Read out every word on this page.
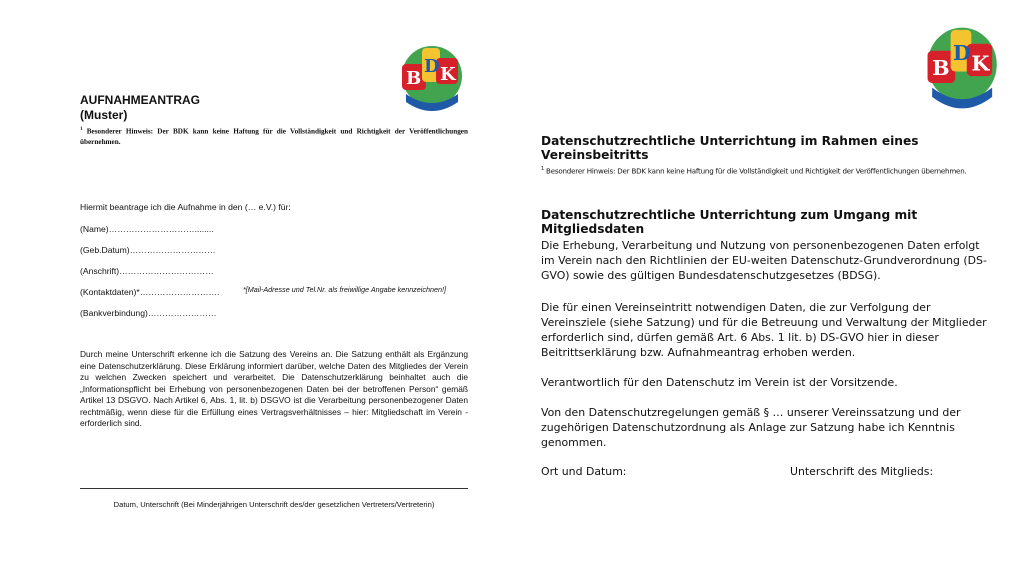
B
D K
AUFNAHMEANTRAG
(Muster)
$^1$ Besonderer Hinweis: Der BDK kann keine Haftung für die Vollständigkeit und Richtigkeit der Veröffentlichungen übernehmen.
Hiermit beantrage ich die Aufnahme in den (… e.V.) für:
(Name)…………………………........
(Geb.Datum)…………………………
(Anschrift)……………………………
(Kontaktdaten)*……………………….	*[Mail-Adresse und Tel.Nr. als freiwillige Angabe kennzeichnen!]
(Bankverbindung)……………………
Durch meine Unterschrift erkenne ich die Satzung des Vereins an. Die Satzung enthält als Ergänzung eine Datenschutzerklärung. Diese Erklärung informiert darüber, welche Daten des Mitgliedes der Verein zu welchen Zwecken speichert und verarbeitet. Die Datenschutzerklärung beinhaltet auch die „Informationspflicht bei Erhebung von personenbezogenen Daten bei der betroffenen Person“ gemäß Artikel 13 DSGVO. Nach Artikel 6, Abs. 1, lit. b) DSGVO ist die Verarbeitung personenbezogener Daten rechtmäßig, wenn diese für die Erfüllung eines Vertragsverhältnisses – hier: Mitgliedschaft im Verein - erforderlich sind.
Datum, Unterschrift (Bei Minderjährigen Unterschrift des/der gesetzlichen Vertreters/Vertreterin)
B
D K
Datenschutzrechtliche Unterrichtung im Rahmen eines Vereinsbeitritts
$^1$ Besonderer Hinweis: Der BDK kann keine Haftung für die Vollständigkeit und Richtigkeit der Veröffentlichungen übernehmen.
Datenschutzrechtliche Unterrichtung zum Umgang mit Mitgliedsdaten
Die Erhebung, Verarbeitung und Nutzung von personenbezogenen Daten erfolgt im Verein nach den Richtlinien der EU-weiten Datenschutz-Grundverordnung (DS-GVO) sowie des gültigen Bundesdatenschutzgesetzes (BDSG).
Die für einen Vereinseintritt notwendigen Daten, die zur Verfolgung der Vereinsziele (siehe Satzung) und für die Betreuung und Verwaltung der Mitglieder erforderlich sind, dürfen gemäß Art. 6 Abs. 1 lit. b) DS-GVO hier in dieser Beitrittserklärung bzw. Aufnahmeantrag erhoben werden.
Verantwortlich für den Datenschutz im Verein ist der Vorsitzende.
Von den Datenschutzregelungen gemäß § … unserer Vereinssatzung und der zugehörigen Datenschutzordnung als Anlage zur Satzung habe ich Kenntnis genommen.
Ort und Datum:	Unterschrift des Mitglieds:
